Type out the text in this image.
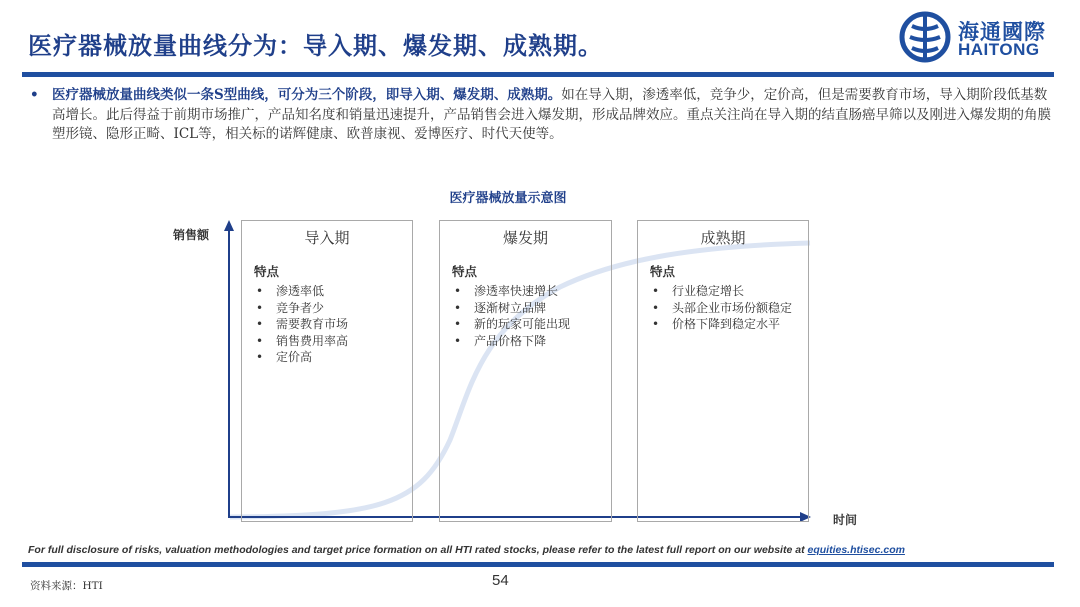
医疗器械放量曲线分为：导入期、爆发期、成熟期。	海通國際
HAITONG
• 医疗器械放量曲线类似一条S型曲线，可分为三个阶段，即导入期、爆发期、成熟期。如在导入期，渗透率低，竞争少，定价高，但是需要教育市场，导入期阶段低基数高增长。此后得益于前期市场推广，产品知名度和销量迅速提升，产品销售会进入爆发期，形成品牌效应。重点关注尚在导入期的结直肠癌早筛以及刚进入爆发期的角膜塑形镜、隐形正畸、ICL等，相关标的诺辉健康、欧普康视、爱博医疗、时代天使等。
医疗器械放量示意图
销售额
时间
导入期
特点
• 渗透率低
• 竞争者少
• 需要教育市场
• 销售费用率高
• 定价高
爆发期
特点
• 渗透率快速增长
• 逐渐树立品牌
• 新的玩家可能出现
• 产品价格下降
成熟期
特点
• 行业稳定增长
• 头部企业市场份额稳定
• 价格下降到稳定水平
For full disclosure of risks, valuation methodologies and target price formation on all HTI rated stocks, please refer to the latest full report on our website at equities.htisec.com
资料来源：HTI	54
